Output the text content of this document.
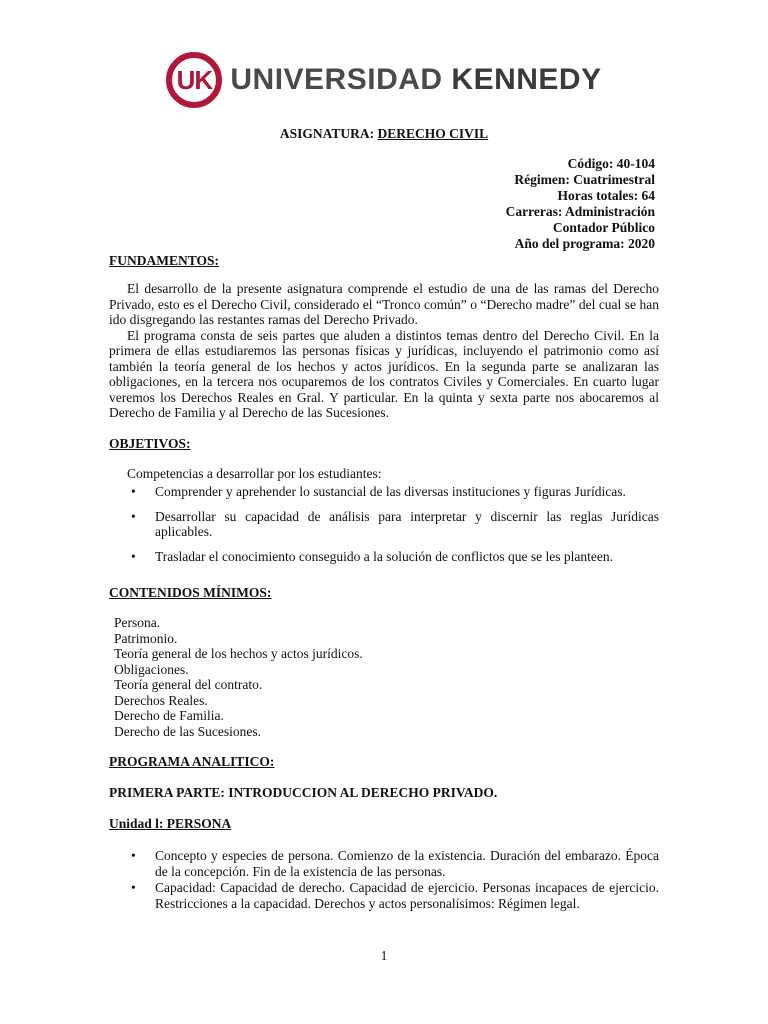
UK UNIVERSIDAD KENNEDY
ASIGNATURA: DERECHO CIVIL
Código: 40-104
Régimen: Cuatrimestral
Horas totales: 64
Carreras: Administración
Contador Público
Año del programa: 2020
FUNDAMENTOS:

El desarrollo de la presente asignatura comprende el estudio de una de las ramas del Derecho Privado, esto es el Derecho Civil, considerado el “Tronco común” o “Derecho madre” del cual se han ido disgregando las restantes ramas del Derecho Privado.

El programa consta de seis partes que aluden a distintos temas dentro del Derecho Civil. En la primera de ellas estudiaremos las personas físicas y jurídicas, incluyendo el patrimonio como así también la teoría general de los hechos y actos jurídicos. En la segunda parte se analizaran las obligaciones, en la tercera nos ocuparemos de los contratos Civiles y Comerciales. En cuarto lugar veremos los Derechos Reales en Gral. Y particular. En la quinta y sexta parte nos abocaremos al Derecho de Familia y al Derecho de las Sucesiones.

OBJETIVOS:
Competencias a desarrollar por los estudiantes:
• Comprender y aprehender lo sustancial de las diversas instituciones y figuras Jurídicas.
• Desarrollar su capacidad de análisis para interpretar y discernir las reglas Jurídicas aplicables.
• Trasladar el conocimiento conseguido a la solución de conflictos que se les planteen.
CONTENIDOS MÍNIMOS:
Persona.
Patrimonio.
Teoría general de los hechos y actos jurídicos.
Obligaciones.
Teoría general del contrato.
Derechos Reales.
Derecho de Familia.
Derecho de las Sucesiones.
PROGRAMA ANALITICO:
PRIMERA PARTE: INTRODUCCION AL DERECHO PRIVADO.
Unidad l: PERSONA
• Concepto y especies de persona. Comienzo de la existencia. Duración del embarazo. Época de la concepción. Fin de la existencia de las personas.
• Capacidad: Capacidad de derecho. Capacidad de ejercicio. Personas incapaces de ejercicio. Restricciones a la capacidad. Derechos y actos personalísimos: Régimen legal.
1
